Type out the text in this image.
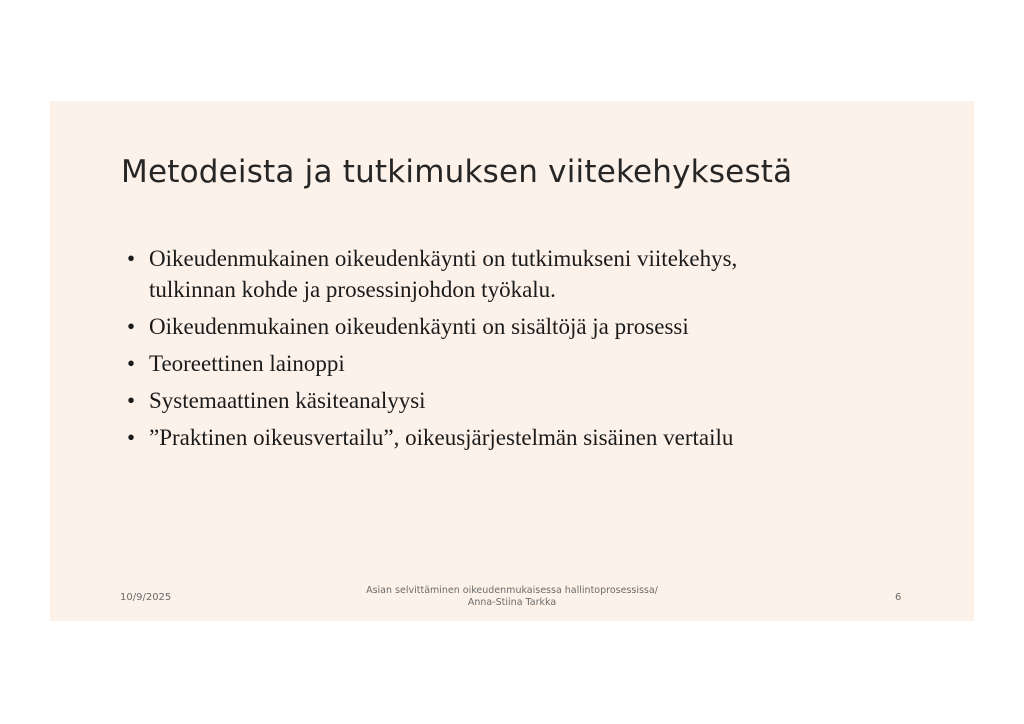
Metodeista ja tutkimuksen viitekehyksestä
• Oikeudenmukainen oikeudenkäynti on tutkimukseni viitekehys,
tulkinnan kohde ja prosessinjohdon työkalu.
• Oikeudenmukainen oikeudenkäynti on sisältöjä ja prosessi
• Teoreettinen lainoppi
• Systemaattinen käsiteanalyysi
• ”Praktinen oikeusvertailu”, oikeusjärjestelmän sisäinen vertailu
10/9/2025
Asian selvittäminen oikeudenmukaisessa hallintoprosessissa/
Anna-Stiina Tarkka	6
